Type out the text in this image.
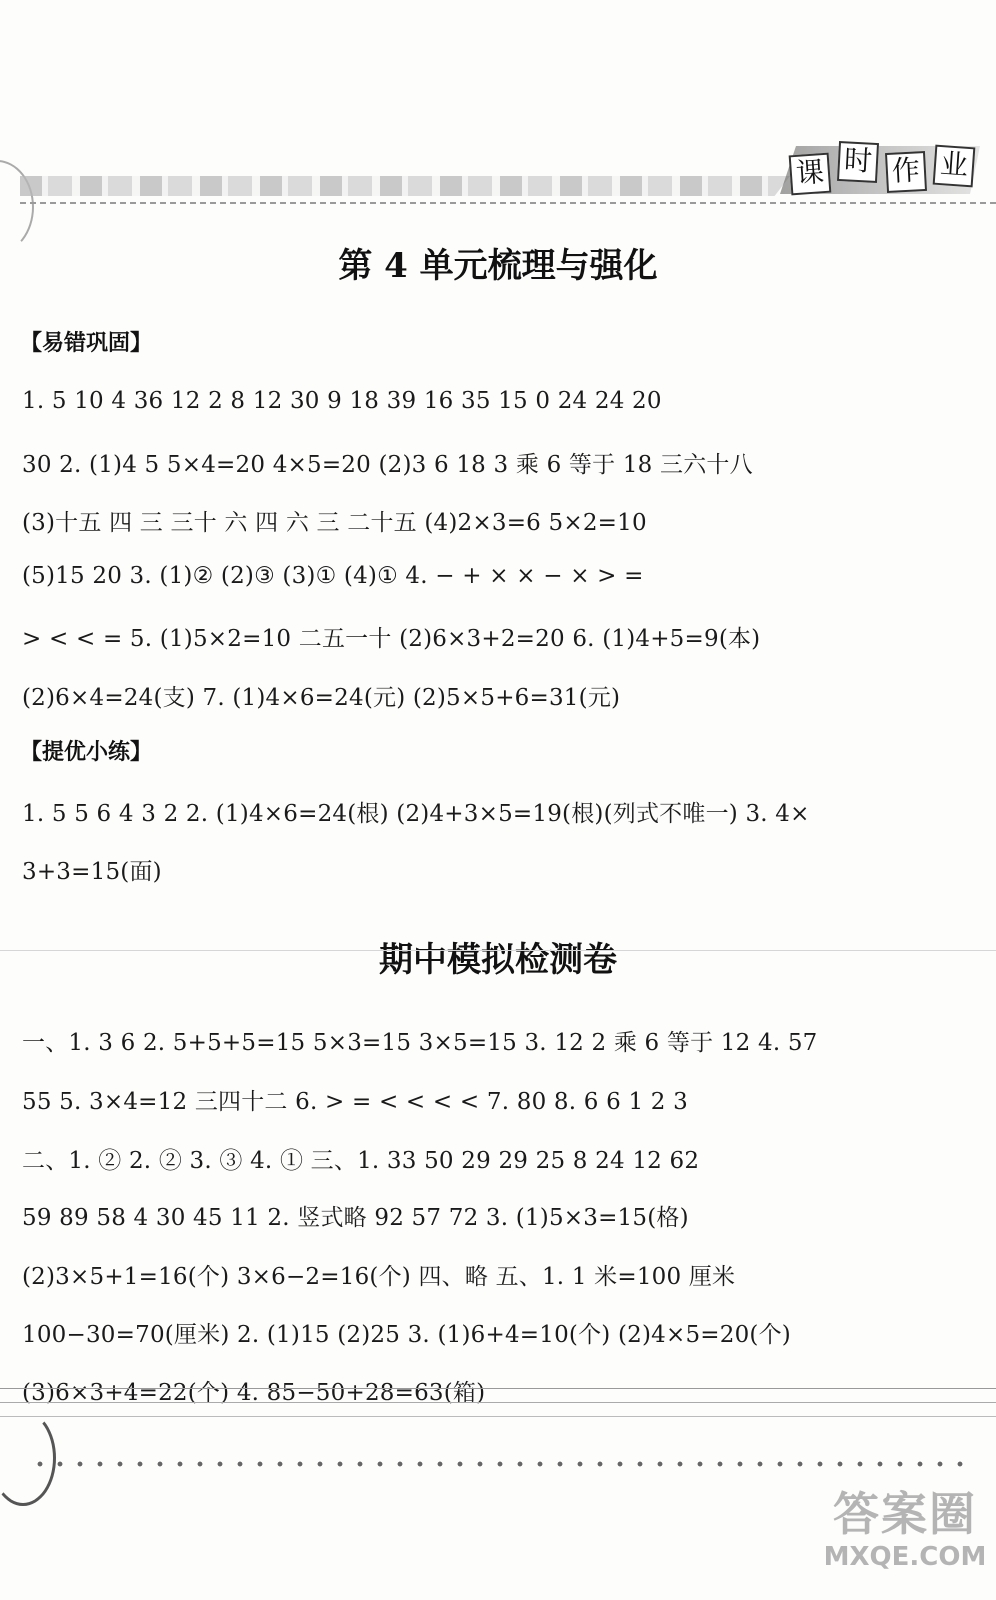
课 时 作 业
第 4 单元梳理与强化
【易错巩固】
1. 5 10 4 36 12 2 8 12 30 9 18 39 16 35 15 0 24 24 20
30 2. (1)4 5 5×4=20 4×5=20 (2)3 6 18 3 乘 6 等于 18 三六十八
(3)十五 四 三 三十 六 四 六 三 二十五 (4)2×3=6 5×2=10
(5)15 20 3. (1)② (2)③ (3)① (4)① 4. − + × × − × > =
> < < = 5. (1)5×2=10 二五一十 (2)6×3+2=20 6. (1)4+5=9(本)
(2)6×4=24(支) 7. (1)4×6=24(元) (2)5×5+6=31(元)
【提优小练】
1. 5 5 6 4 3 2 2. (1)4×6=24(根) (2)4+3×5=19(根)(列式不唯一) 3. 4×
3+3=15(面)
期中模拟检测卷
一、1. 3 6 2. 5+5+5=15 5×3=15 3×5=15 3. 12 2 乘 6 等于 12 4. 57
55 5. 3×4=12 三四十二 6. > = < < < < 7. 80 8. 6 6 1 2 3
二、1. ② 2. ② 3. ③ 4. ① 三、1. 33 50 29 29 25 8 24 12 62
59 89 58 4 30 45 11 2. 竖式略 92 57 72 3. (1)5×3=15(格)
(2)3×5+1=16(个) 3×6−2=16(个) 四、略 五、1. 1 米=100 厘米
100−30=70(厘米) 2. (1)15 (2)25 3. (1)6+4=10(个) (2)4×5=20(个)
(3)6×3+4=22(个) 4. 85−50+28=63(箱)
答案圈
MXQE.COM
